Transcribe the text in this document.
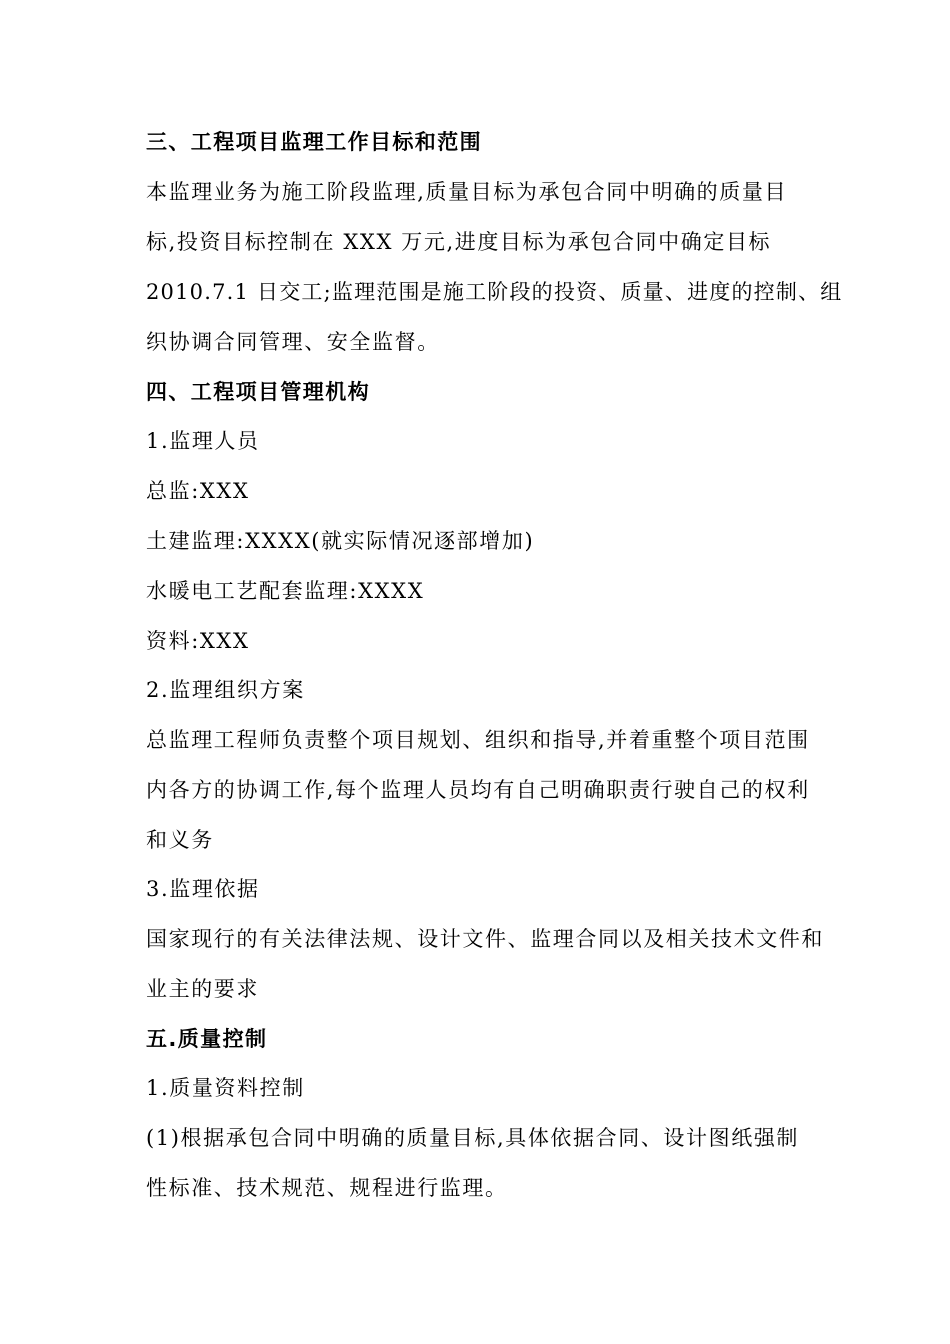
三、工程项目监理工作目标和范围
本监理业务为施工阶段监理,质量目标为承包合同中明确的质量目
标,投资目标控制在 XXX 万元,进度目标为承包合同中确定目标
2010.7.1 日交工;监理范围是施工阶段的投资、质量、进度的控制、组
织协调合同管理、安全监督。
四、工程项目管理机构
1.监理人员
总监:XXX
土建监理:XXXX(就实际情况逐部增加)
水暖电工艺配套监理:XXXX
资料:XXX
2.监理组织方案
总监理工程师负责整个项目规划、组织和指导,并着重整个项目范围
内各方的协调工作,每个监理人员均有自己明确职责行驶自己的权利
和义务
3.监理依据
国家现行的有关法律法规、设计文件、监理合同以及相关技术文件和
业主的要求
五.质量控制
1.质量资料控制
(1)根据承包合同中明确的质量目标,具体依据合同、设计图纸强制
性标准、技术规范、规程进行监理。
